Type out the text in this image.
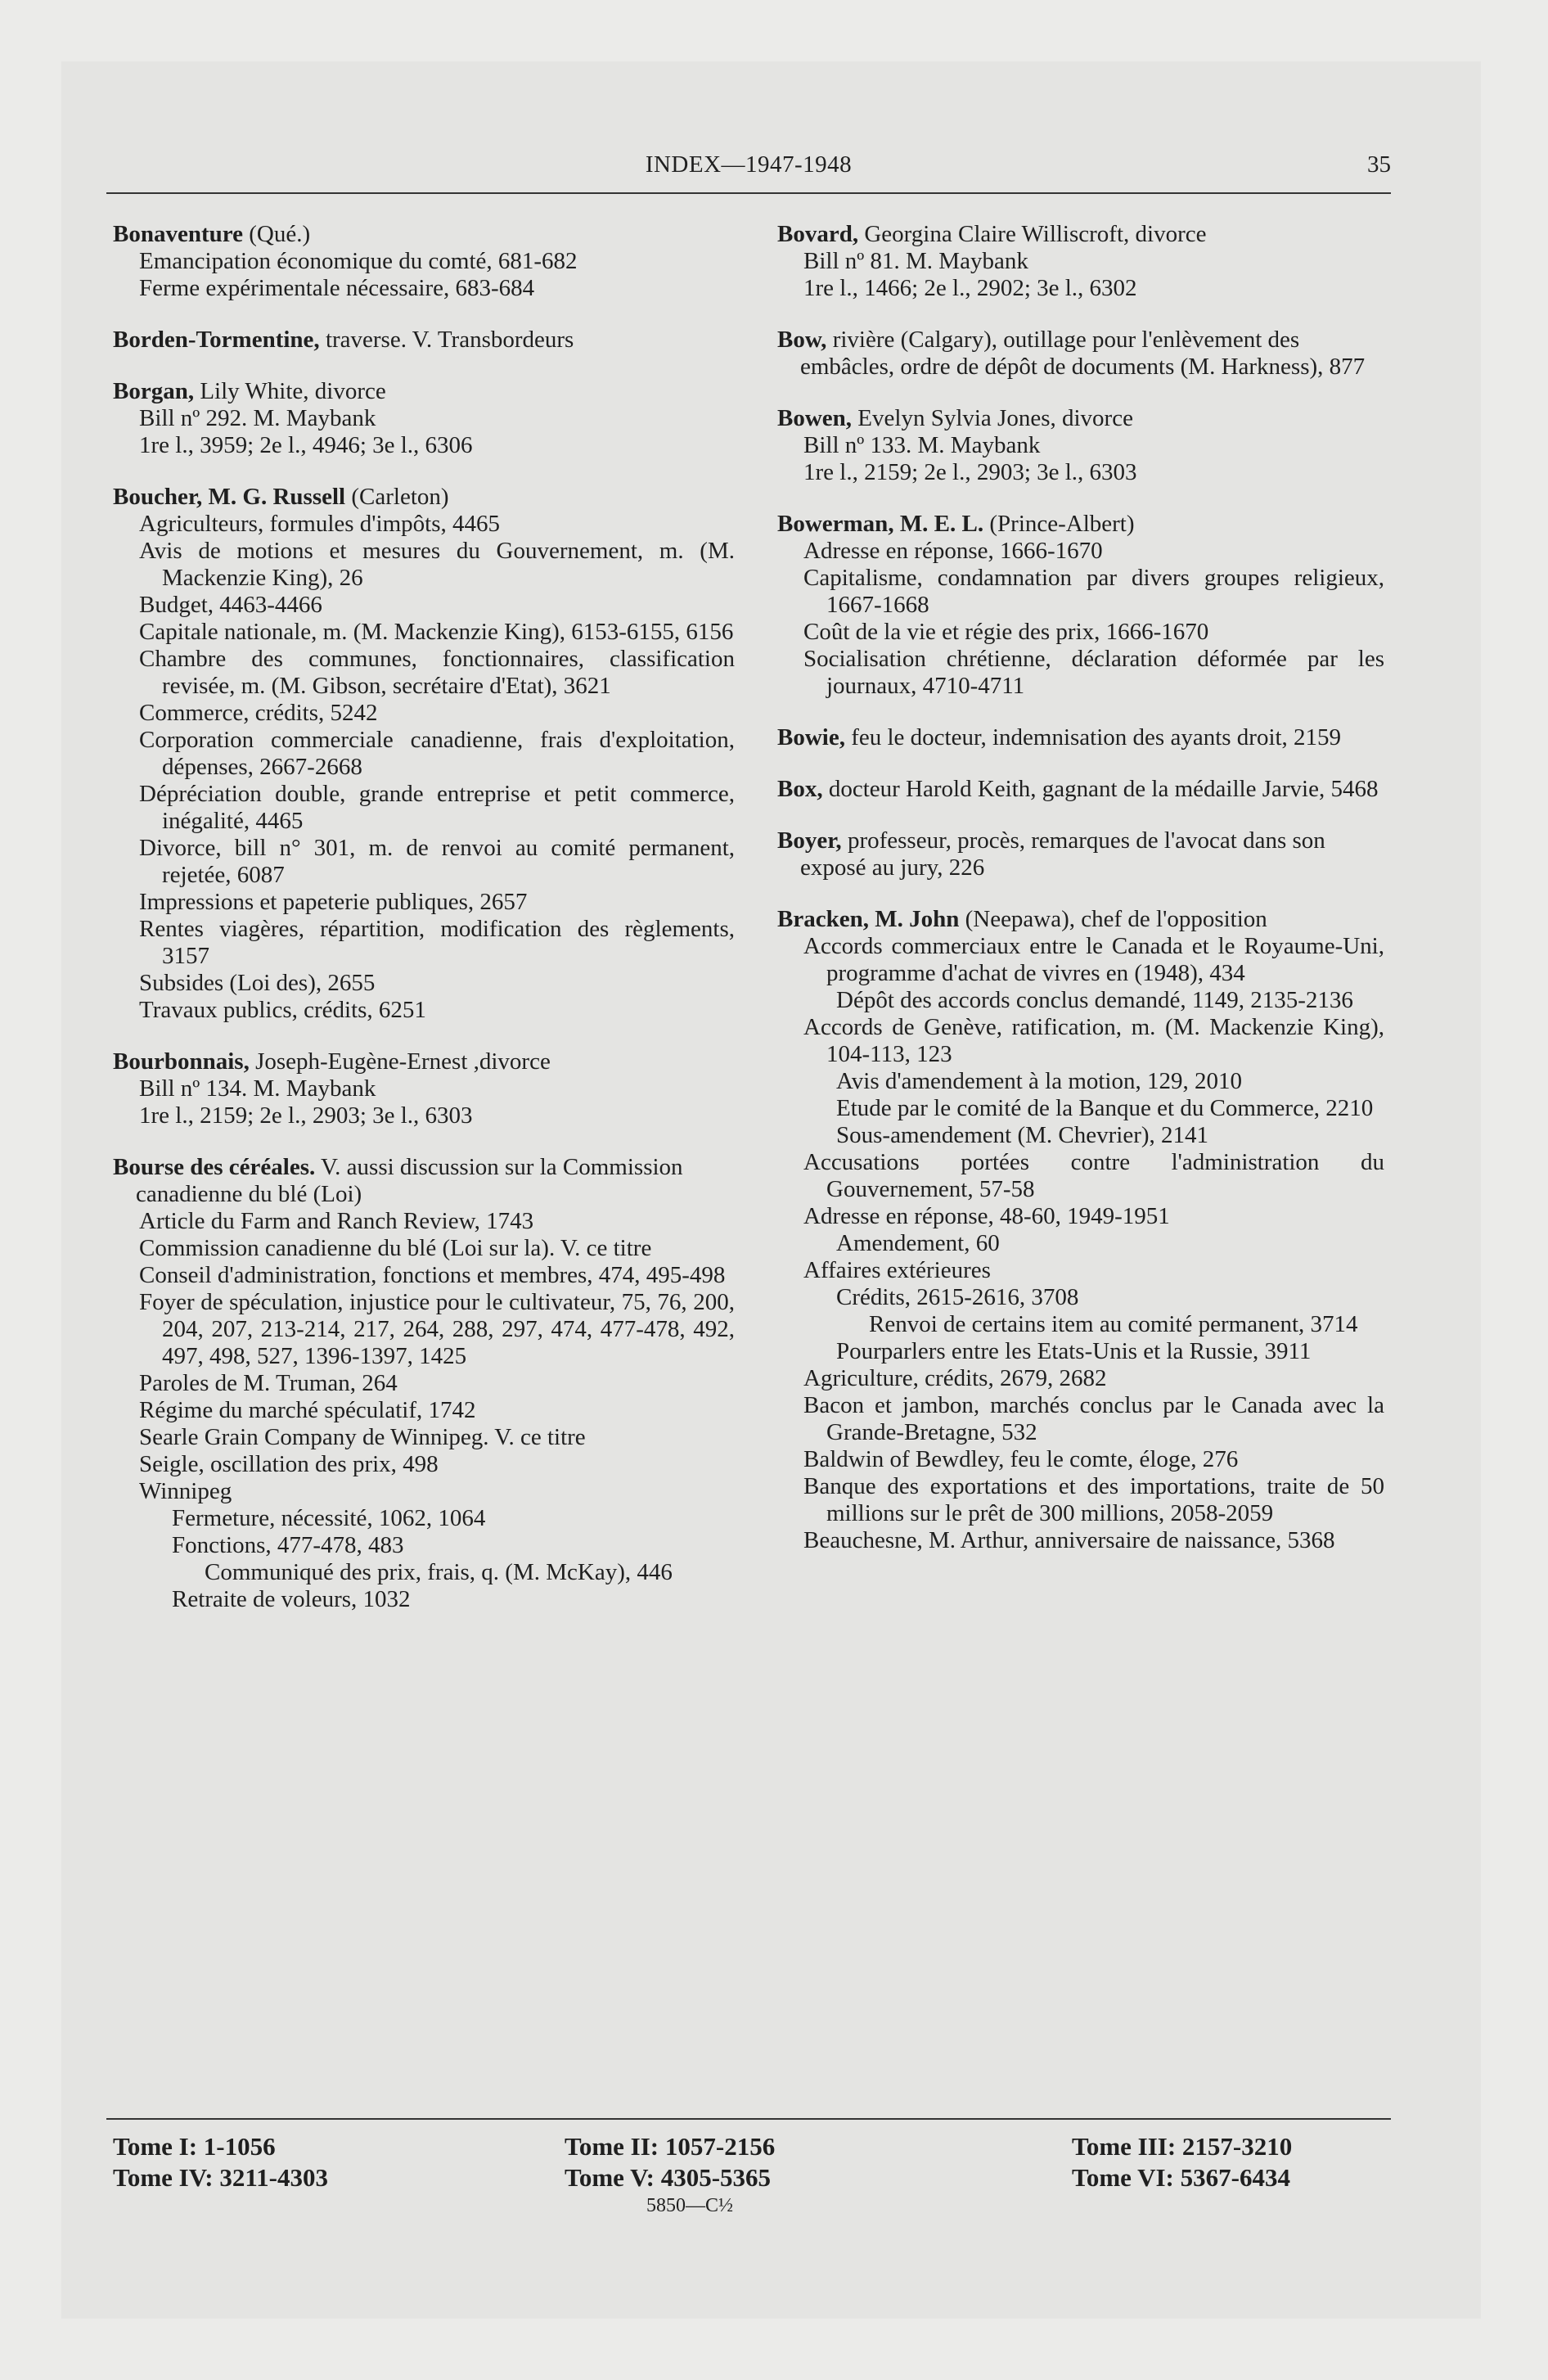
INDEX—1947-1948	35
Bonaventure (Qué.)
Emancipation économique du comté, 681-682
Ferme expérimentale nécessaire, 683-684
Borden-Tormentine, traverse. V. Transbordeurs
Borgan, Lily White, divorce
Bill nº 292. M. Maybank
1re l., 3959; 2e l., 4946; 3e l., 6306
Boucher, M. G. Russell (Carleton)
Agriculteurs, formules d'impôts, 4465
Avis de motions et mesures du Gouvernement, m. (M. Mackenzie King), 26
Budget, 4463-4466
Capitale nationale, m. (M. Mackenzie King), 6153-6155, 6156
Chambre des communes, fonctionnaires, classification revisée, m. (M. Gibson, secrétaire d'Etat), 3621
Commerce, crédits, 5242
Corporation commerciale canadienne, frais d'exploitation, dépenses, 2667-2668
Dépréciation double, grande entreprise et petit commerce, inégalité, 4465
Divorce, bill n° 301, m. de renvoi au comité permanent, rejetée, 6087
Impressions et papeterie publiques, 2657
Rentes viagères, répartition, modification des règlements, 3157
Subsides (Loi des), 2655
Travaux publics, crédits, 6251
Bourbonnais, Joseph-Eugène-Ernest ,divorce
Bill nº 134. M. Maybank
1re l., 2159; 2e l., 2903; 3e l., 6303
Bourse des céréales. V. aussi discussion sur la Commission canadienne du blé (Loi)
Article du Farm and Ranch Review, 1743
Commission canadienne du blé (Loi sur la). V. ce titre
Conseil d'administration, fonctions et membres, 474, 495-498
Foyer de spéculation, injustice pour le cultivateur, 75, 76, 200, 204, 207, 213-214, 217, 264, 288, 297, 474, 477-478, 492, 497, 498, 527, 1396-1397, 1425
Paroles de M. Truman, 264
Régime du marché spéculatif, 1742
Searle Grain Company de Winnipeg. V. ce titre
Seigle, oscillation des prix, 498
Winnipeg
Fermeture, nécessité, 1062, 1064
Fonctions, 477-478, 483
Communiqué des prix, frais, q. (M. McKay), 446
Retraite de voleurs, 1032
Bovard, Georgina Claire Williscroft, divorce
Bill nº 81. M. Maybank
1re l., 1466; 2e l., 2902; 3e l., 6302
Bow, rivière (Calgary), outillage pour l'enlèvement des embâcles, ordre de dépôt de documents (M. Harkness), 877
Bowen, Evelyn Sylvia Jones, divorce
Bill nº 133. M. Maybank
1re l., 2159; 2e l., 2903; 3e l., 6303
Bowerman, M. E. L. (Prince-Albert)
Adresse en réponse, 1666-1670
Capitalisme, condamnation par divers groupes religieux, 1667-1668
Coût de la vie et régie des prix, 1666-1670
Socialisation chrétienne, déclaration déformée par les journaux, 4710-4711
Bowie, feu le docteur, indemnisation des ayants droit, 2159
Box, docteur Harold Keith, gagnant de la médaille Jarvie, 5468
Boyer, professeur, procès, remarques de l'avocat dans son exposé au jury, 226
Bracken, M. John (Neepawa), chef de l'opposition
Accords commerciaux entre le Canada et le Royaume-Uni, programme d'achat de vivres en (1948), 434
Dépôt des accords conclus demandé, 1149, 2135-2136
Accords de Genève, ratification, m. (M. Mackenzie King), 104-113, 123
Avis d'amendement à la motion, 129, 2010
Etude par le comité de la Banque et du Commerce, 2210
Sous-amendement (M. Chevrier), 2141
Accusations portées contre l'administration du Gouvernement, 57-58
Adresse en réponse, 48-60, 1949-1951
Amendement, 60
Affaires extérieures
Crédits, 2615-2616, 3708
Renvoi de certains item au comité permanent, 3714
Pourparlers entre les Etats-Unis et la Russie, 3911
Agriculture, crédits, 2679, 2682
Bacon et jambon, marchés conclus par le Canada avec la Grande-Bretagne, 532
Baldwin of Bewdley, feu le comte, éloge, 276
Banque des exportations et des importations, traite de 50 millions sur le prêt de 300 millions, 2058-2059
Beauchesne, M. Arthur, anniversaire de naissance, 5368
Tome I: 1-1056
Tome IV: 3211-4303
Tome II: 1057-2156
Tome V: 4305-5365
Tome III: 2157-3210
Tome VI: 5367-6434
5850—C½
